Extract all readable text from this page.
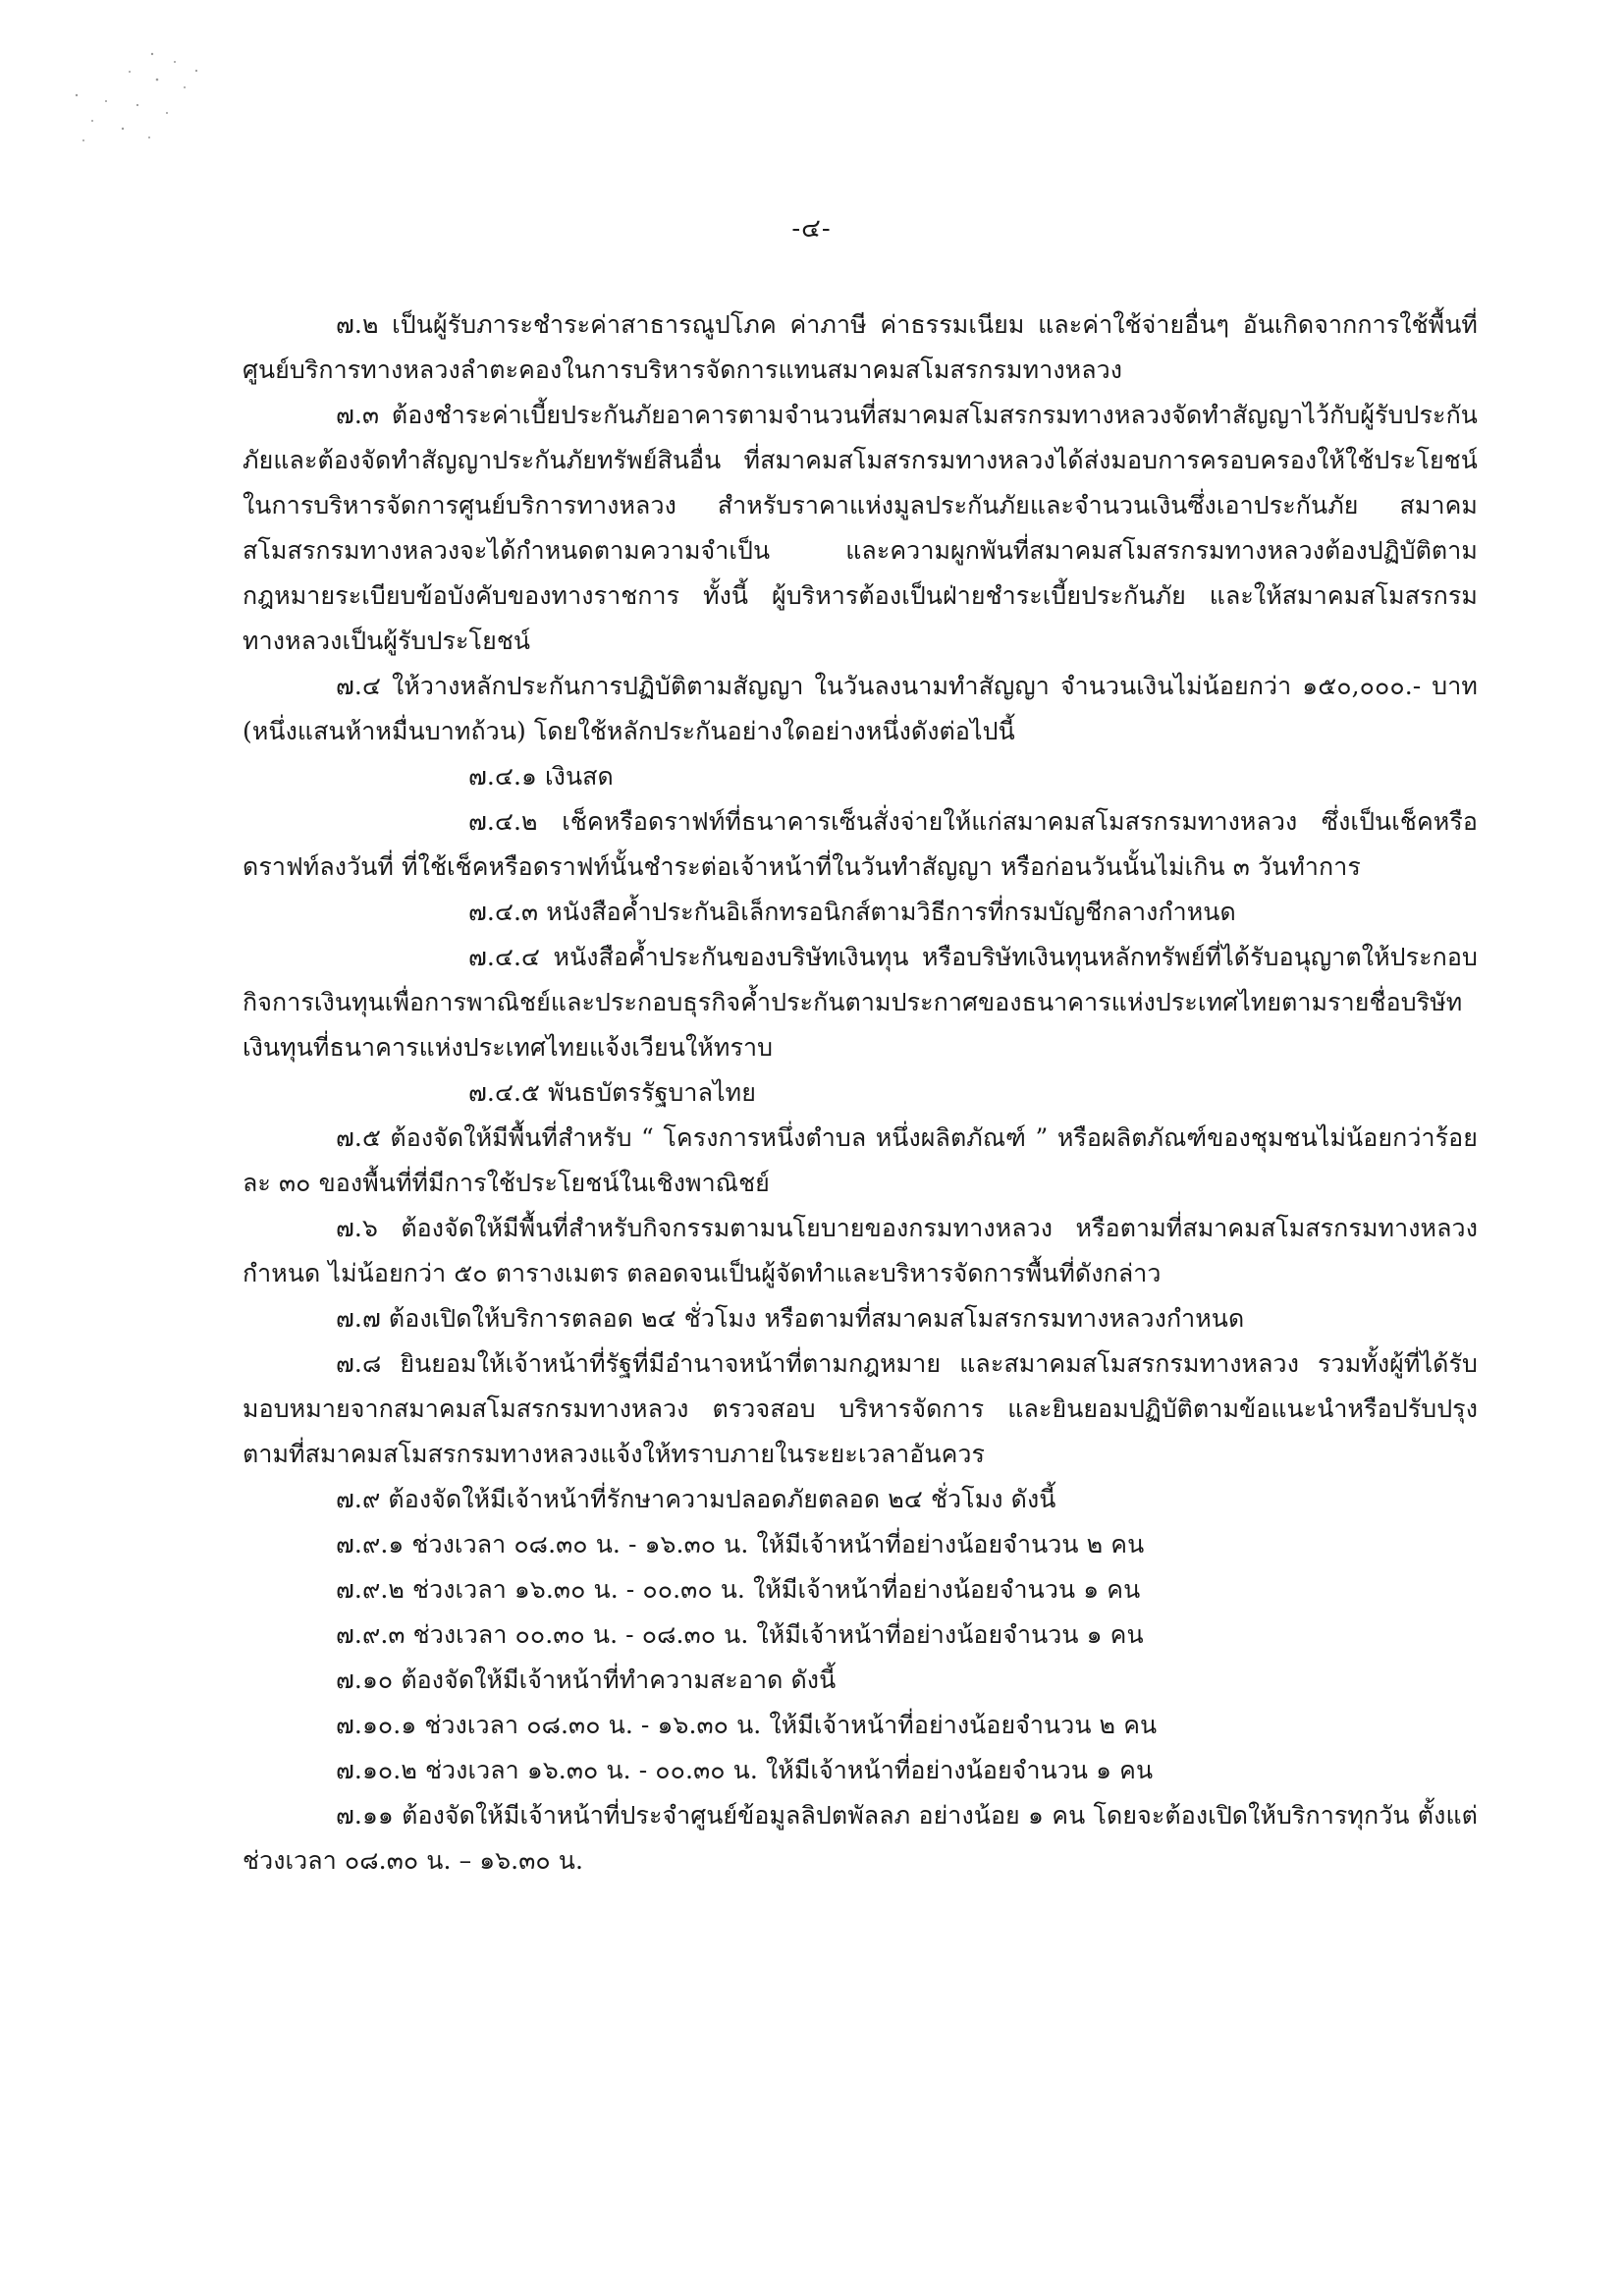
-๔-

๗.๒ เป็นผู้รับภาระชำระค่าสาธารณูปโภค ค่าภาษี ค่าธรรมเนียม และค่าใช้จ่ายอื่นๆ อันเกิดจากการใช้พื้นที่ศูนย์บริการทางหลวงลำตะคองในการบริหารจัดการแทนสมาคมสโมสรกรมทางหลวง

๗.๓ ต้องชำระค่าเบี้ยประกันภัยอาคารตามจำนวนที่สมาคมสโมสรกรมทางหลวงจัดทำสัญญาไว้กับผู้รับประกันภัยและต้องจัดทำสัญญาประกันภัยทรัพย์สินอื่น ที่สมาคมสโมสรกรมทางหลวงได้ส่งมอบการครอบครองให้ใช้ประโยชน์ในการบริหารจัดการศูนย์บริการทางหลวง สำหรับราคาแห่งมูลประกันภัยและจำนวนเงินซึ่งเอาประกันภัย สมาคมสโมสรกรมทางหลวงจะได้กำหนดตามความจำเป็น และความผูกพันที่สมาคมสโมสรกรมทางหลวงต้องปฏิบัติตามกฎหมายระเบียบข้อบังคับของทางราชการ ทั้งนี้ ผู้บริหารต้องเป็นฝ่ายชำระเบี้ยประกันภัย และให้สมาคมสโมสรกรมทางหลวงเป็นผู้รับประโยชน์

๗.๔ ให้วางหลักประกันการปฏิบัติตามสัญญา ในวันลงนามทำสัญญา จำนวนเงินไม่น้อยกว่า ๑๕๐,๐๐๐.- บาท (หนึ่งแสนห้าหมื่นบาทถ้วน) โดยใช้หลักประกันอย่างใดอย่างหนึ่งดังต่อไปนี้

๗.๔.๑ เงินสด

๗.๔.๒ เช็คหรือดราฟท์ที่ธนาคารเซ็นสั่งจ่ายให้แก่สมาคมสโมสรกรมทางหลวง ซึ่งเป็นเช็คหรือดราฟท์ลงวันที่ ที่ใช้เช็คหรือดราฟท์นั้นชำระต่อเจ้าหน้าที่ในวันทำสัญญา หรือก่อนวันนั้นไม่เกิน ๓ วันทำการ

๗.๔.๓ หนังสือค้ำประกันอิเล็กทรอนิกส์ตามวิธีการที่กรมบัญชีกลางกำหนด

๗.๔.๔ หนังสือค้ำประกันของบริษัทเงินทุน หรือบริษัทเงินทุนหลักทรัพย์ที่ได้รับอนุญาตให้ประกอบกิจการเงินทุนเพื่อการพาณิชย์และประกอบธุรกิจค้ำประกันตามประกาศของธนาคารแห่งประเทศไทยตามรายชื่อบริษัทเงินทุนที่ธนาคารแห่งประเทศไทยแจ้งเวียนให้ทราบ

๗.๔.๕ พันธบัตรรัฐบาลไทย

๗.๕ ต้องจัดให้มีพื้นที่สำหรับ “ โครงการหนึ่งตำบล หนึ่งผลิตภัณฑ์ ” หรือผลิตภัณฑ์ของชุมชนไม่น้อยกว่าร้อยละ ๓๐ ของพื้นที่ที่มีการใช้ประโยชน์ในเชิงพาณิชย์

๗.๖ ต้องจัดให้มีพื้นที่สำหรับกิจกรรมตามนโยบายของกรมทางหลวง หรือตามที่สมาคมสโมสรกรมทางหลวงกำหนด ไม่น้อยกว่า ๕๐ ตารางเมตร ตลอดจนเป็นผู้จัดทำและบริหารจัดการพื้นที่ดังกล่าว

๗.๗ ต้องเปิดให้บริการตลอด ๒๔ ชั่วโมง หรือตามที่สมาคมสโมสรกรมทางหลวงกำหนด

๗.๘ ยินยอมให้เจ้าหน้าที่รัฐที่มีอำนาจหน้าที่ตามกฎหมาย และสมาคมสโมสรกรมทางหลวง รวมทั้งผู้ที่ได้รับมอบหมายจากสมาคมสโมสรกรมทางหลวง ตรวจสอบ บริหารจัดการ และยินยอมปฏิบัติตามข้อแนะนำหรือปรับปรุง ตามที่สมาคมสโมสรกรมทางหลวงแจ้งให้ทราบภายในระยะเวลาอันควร

๗.๙ ต้องจัดให้มีเจ้าหน้าที่รักษาความปลอดภัยตลอด ๒๔ ชั่วโมง ดังนี้

๗.๙.๑ ช่วงเวลา ๐๘.๓๐ น. - ๑๖.๓๐ น. ให้มีเจ้าหน้าที่อย่างน้อยจำนวน ๒ คน

๗.๙.๒ ช่วงเวลา ๑๖.๓๐ น. - ๐๐.๓๐ น. ให้มีเจ้าหน้าที่อย่างน้อยจำนวน ๑ คน

๗.๙.๓ ช่วงเวลา ๐๐.๓๐ น. - ๐๘.๓๐ น. ให้มีเจ้าหน้าที่อย่างน้อยจำนวน ๑ คน

๗.๑๐ ต้องจัดให้มีเจ้าหน้าที่ทำความสะอาด ดังนี้

๗.๑๐.๑ ช่วงเวลา ๐๘.๓๐ น. - ๑๖.๓๐ น. ให้มีเจ้าหน้าที่อย่างน้อยจำนวน ๒ คน

๗.๑๐.๒ ช่วงเวลา ๑๖.๓๐ น. - ๐๐.๓๐ น. ให้มีเจ้าหน้าที่อย่างน้อยจำนวน ๑ คน

๗.๑๑ ต้องจัดให้มีเจ้าหน้าที่ประจำศูนย์ข้อมูลลิปตพัลลภ อย่างน้อย ๑ คน โดยจะต้องเปิดให้บริการทุกวัน ตั้งแต่ช่วงเวลา ๐๘.๓๐ น. – ๑๖.๓๐ น.
